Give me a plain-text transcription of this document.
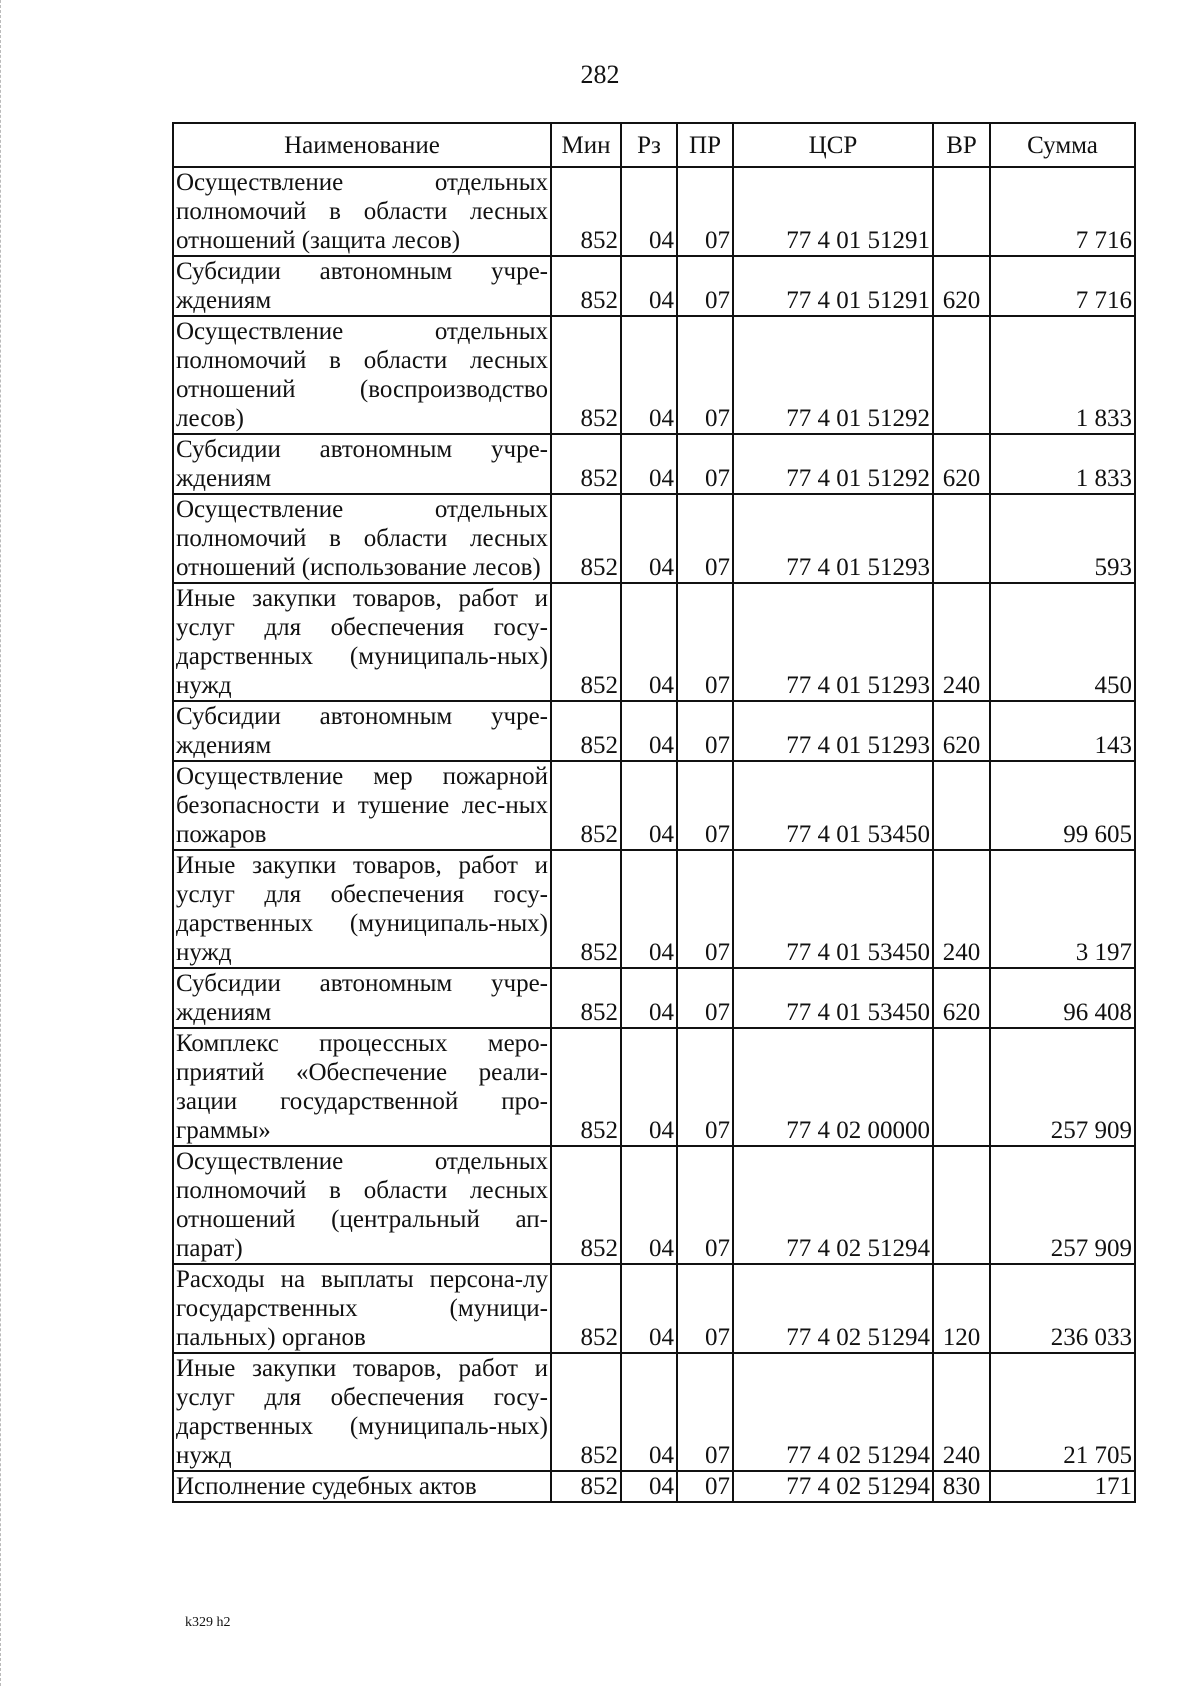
282
Наименование	Мин	Рз	ПР	ЦСР	ВР	Сумма
Осуществление отдельных полномочий в области лесных отношений (защита лесов)	852	04	07	77 4 01 51291		7 716
Субсидии автономным учре-ждениям	852	04	07	77 4 01 51291	620	7 716
Осуществление отдельных полномочий в области лесных отношений (воспроизводство лесов)	852	04	07	77 4 01 51292		1 833
Субсидии автономным учре-ждениям	852	04	07	77 4 01 51292	620	1 833
Осуществление отдельных полномочий в области лесных отношений (использование лесов)	852	04	07	77 4 01 51293		593
Иные закупки товаров, работ и услуг для обеспечения госу-дарственных (муниципаль-ных) нужд	852	04	07	77 4 01 51293	240	450
Субсидии автономным учре-ждениям	852	04	07	77 4 01 51293	620	143
Осуществление мер пожарной безопасности и тушение лес-ных пожаров	852	04	07	77 4 01 53450		99 605
Иные закупки товаров, работ и услуг для обеспечения госу-дарственных (муниципаль-ных) нужд	852	04	07	77 4 01 53450	240	3 197
Субсидии автономным учре-ждениям	852	04	07	77 4 01 53450	620	96 408
Комплекс процессных меро-приятий «Обеспечение реали-зации государственной про-граммы»	852	04	07	77 4 02 00000		257 909
Осуществление отдельных полномочий в области лесных отношений (центральный ап-парат)	852	04	07	77 4 02 51294		257 909
Расходы на выплаты персона-лу государственных (муници-пальных) органов	852	04	07	77 4 02 51294	120	236 033
Иные закупки товаров, работ и услуг для обеспечения госу-дарственных (муниципаль-ных) нужд	852	04	07	77 4 02 51294	240	21 705
Исполнение судебных актов	852	04	07	77 4 02 51294	830	171
k329 h2
